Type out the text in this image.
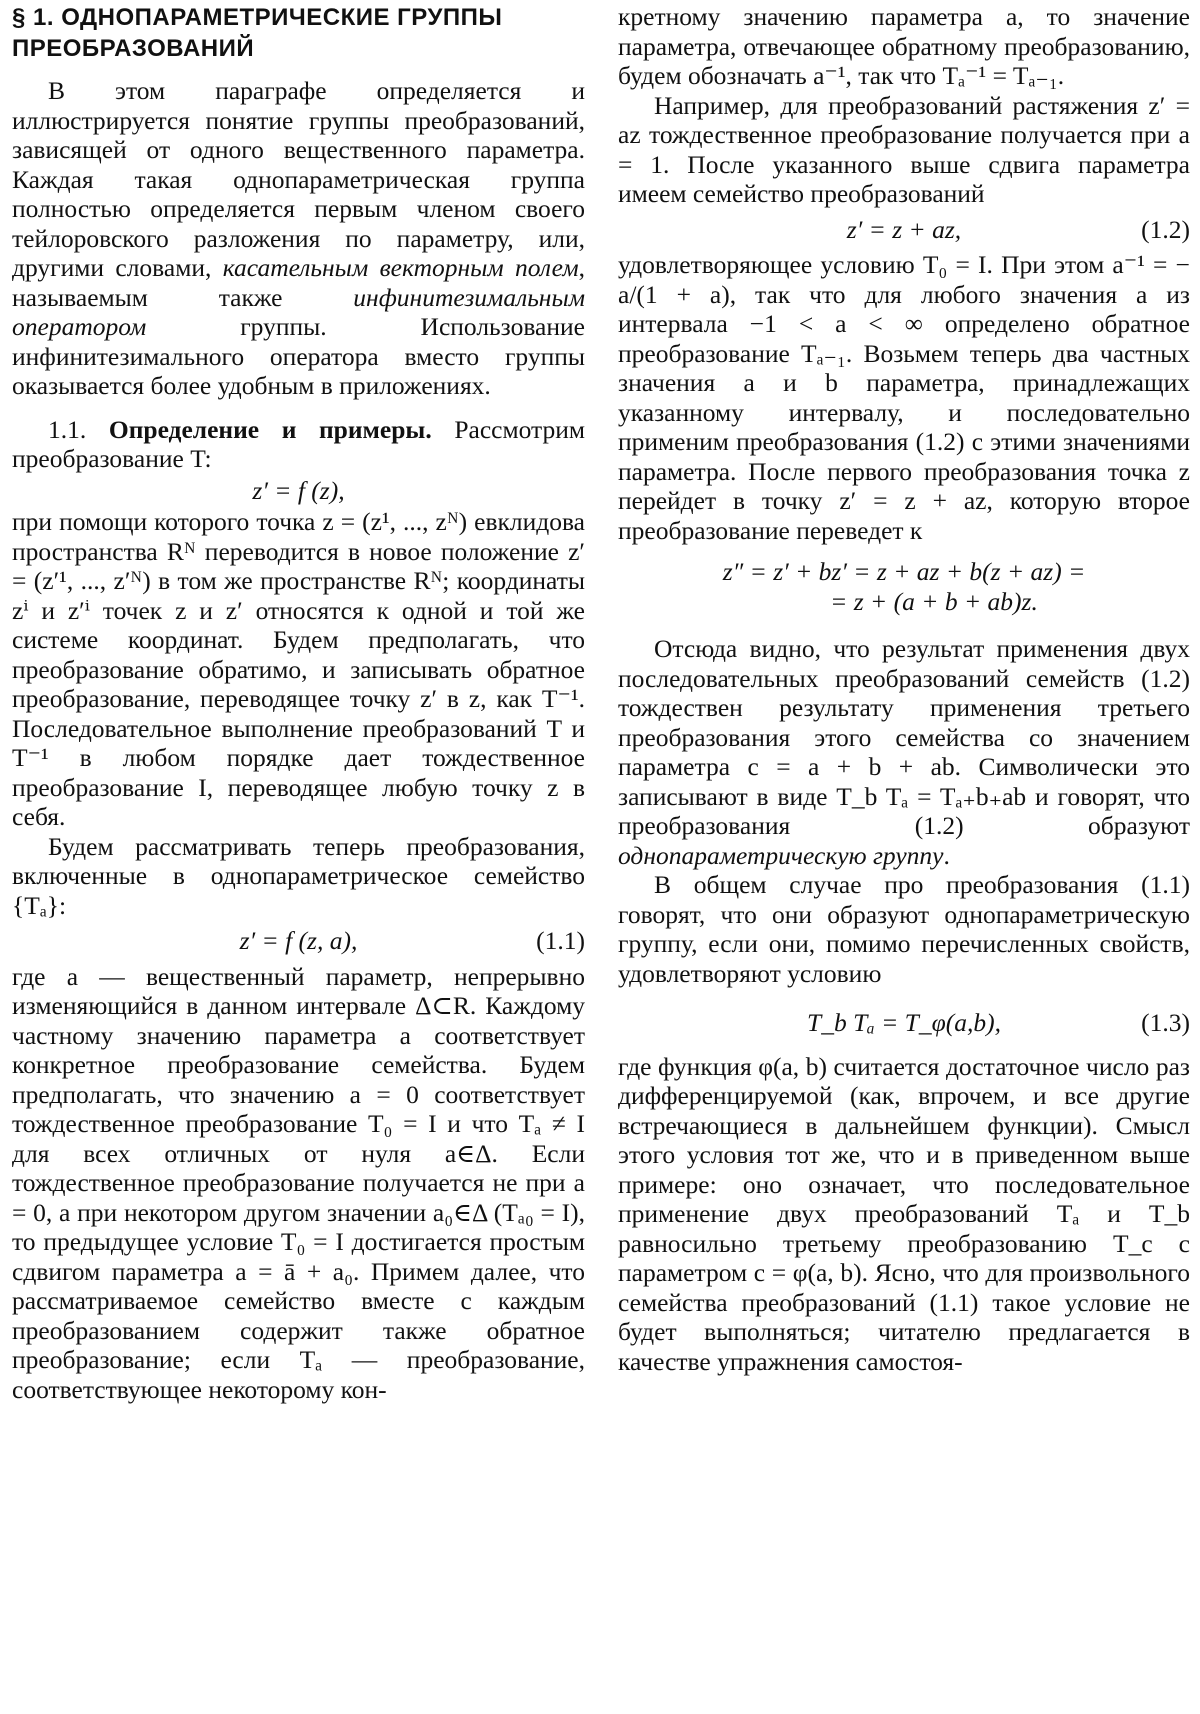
§ 1. ОДНОПАРАМЕТРИЧЕСКИЕ ГРУППЫ ПРЕОБРАЗОВАНИЙ

В этом параграфе определяется и иллюстрируется понятие группы преобразований, зависящей от одного вещественного параметра. Каждая такая однопараметрическая группа полностью определяется первым членом своего тейлоровского разложения по параметру, или, другими словами, касательным векторным полем, называемым также	инфинитезимальным оператором	группы. Использование инфинитезимального оператора вместо группы оказывается более удобным в приложениях.

1.1. Определение и примеры. Рассмотрим преобразование T:

z′ = f (z),

при помощи которого точка z = (z¹, ..., zᴺ) евклидова пространства Rᴺ переводится в новое положение z′ = (z′¹, ..., z′ᴺ) в том же пространстве Rᴺ; координаты zⁱ и z′ⁱ точек z и z′ относятся к одной и той же системе координат. Будем предполагать, что преобразование обратимо, и записывать обратное преобразование, переводящее точку z′ в z, как T⁻¹. Последовательное выполнение преобразований T и T⁻¹ в любом порядке дает тождественное преобразование I, переводящее любую точку z в себя.

Будем рассматривать теперь преобразования, включенные в однопараметрическое семейство {Tₐ}:

z′ = f (z, a),	(1.1)

где a — вещественный параметр, непрерывно изменяющийся в данном интервале Δ⊂R. Каждому частному значению параметра a соответствует конкретное преобразование семейства. Будем предполагать, что значению a = 0 соответствует тождественное преобразование T₀ = I и что Tₐ ≠ I для всех отличных от нуля a∈Δ. Если тождественное преобразование получается не при a = 0, а при некотором другом значении a₀∈Δ (Tₐ₀ = I), то предыдущее условие T₀ = I достигается простым сдвигом параметра a = ā + a₀. Примем далее, что рассматриваемое семейство вместе с каждым преобразованием содержит также обратное преобразование; если Tₐ — преобразование, соответствующее некоторому кон-

кретному значению параметра a, то значение параметра, отвечающее обратному преобразованию, будем обозначать a⁻¹, так что Tₐ⁻¹ = Tₐ₋₁.

Например, для преобразований растяжения z′ = az тождественное преобразование получается при a = 1. После указанного выше сдвига параметра имеем семейство преобразований

z′ = z + az,	(1.2)

удовлетворяющее условию T₀ = I. При этом a⁻¹ = − a/(1 + a), так что для любого значения a из интервала −1 < a < ∞ определено обратное преобразование Tₐ₋₁. Возьмем теперь два частных значения a и b параметра, принадлежащих указанному интервалу, и последовательно применим преобразования (1.2) с этими значениями параметра. После первого преобразования точка z перейдет в точку z′ = z + az, которую второе преобразование переведет к

z″ = z′ + bz′ = z + az + b(z + az) =
= z + (a + b + ab)z.

Отсюда видно, что результат применения двух последовательных преобразований семейств (1.2) тождествен результату применения третьего преобразования этого семейства со значением параметра c = a + b + ab. Символически это записывают в виде T_b Tₐ = Tₐ₊b₊ab и говорят, что преобразования (1.2) образуют однопараметрическую группу.

В общем случае про преобразования (1.1) говорят, что они образуют однопараметрическую группу, если они, помимо перечисленных свойств, удовлетворяют условию

T_b Tₐ = T_φ(a,b),	(1.3)

где функция φ(a, b) считается достаточное число раз дифференцируемой (как, впрочем, и все другие встречающиеся в дальнейшем функции). Смысл этого условия тот же, что и в приведенном выше примере: оно означает, что последовательное применение двух преобразований Tₐ и T_b равносильно третьему преобразованию T_c с параметром c = φ(a, b). Ясно, что для произвольного семейства преобразований (1.1) такое условие не будет выполняться; читателю предлагается в качестве упражнения самостоя-
